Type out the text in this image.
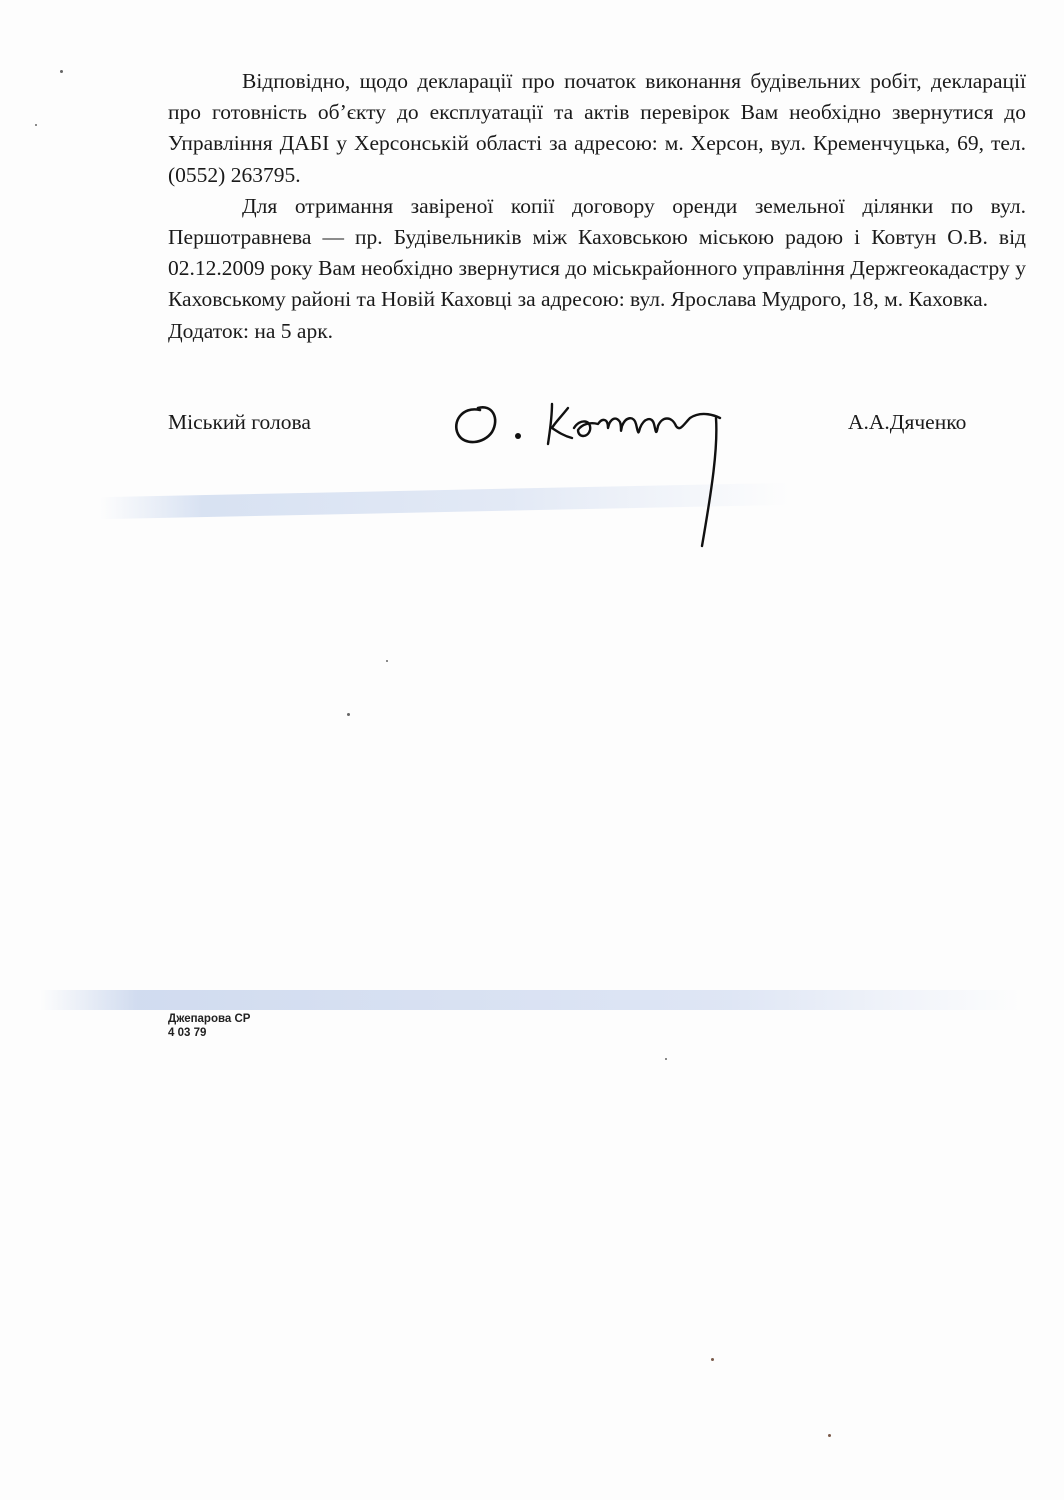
Відповідно, щодо декларації про початок виконання будівельних робіт, декларації про готовність об’єкту до експлуатації та актів перевірок Вам необхідно звернутися до Управління ДАБІ у Херсонській області за адресою: м. Херсон, вул. Кременчуцька, 69, тел. (0552) 263795.

Для отримання завіреної копії договору оренди земельної ділянки по вул. Першотравнева — пр. Будівельників між Каховською міською радою і Ковтун О.В. від 02.12.2009 року Вам необхідно звернутися до міськрайонного управління Держгеокадастру у Каховському районі та Новій Каховці за адресою: вул. Ярослава Мудрого, 18, м. Каховка.

Додаток: на 5 арк.

Міський голова	А.А.Дяченко
Джепарова СР
4 03 79
